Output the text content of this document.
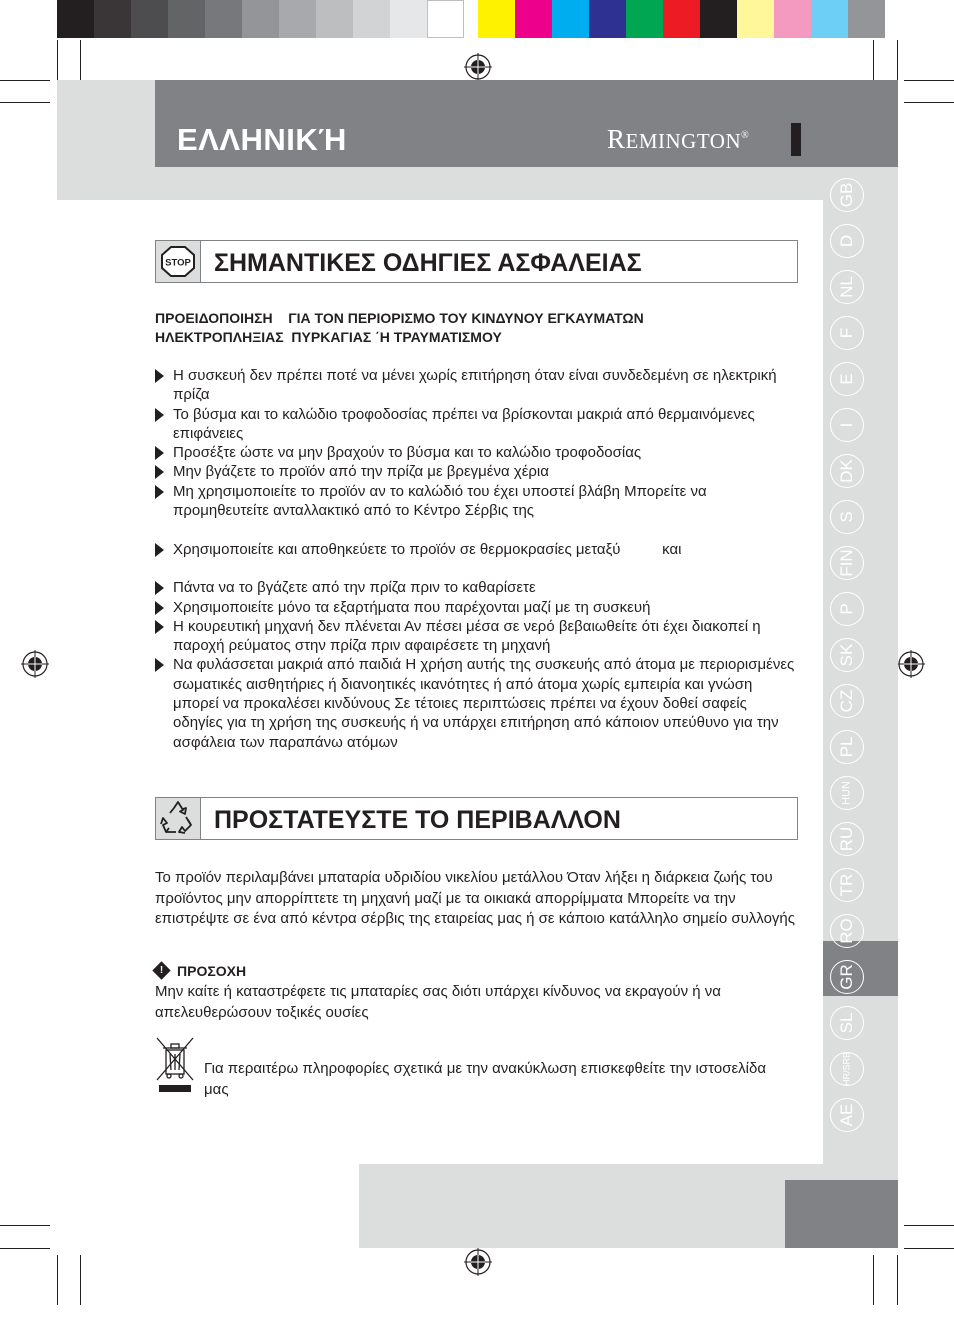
ΕΛΛΗΝΙΚΉ	REMINGTON®
GB
D
NL
F
E
I
DK
S
FIN
P
SK
CZ
PL
HUN
RU
TR
RO
GR
SL
HR/SRB
AE
STOP ΣΗΜΑΝΤΙΚΕΣ ΟΔΗΓΙΕΣ ΑΣΦΑΛΕΙΑΣ
ΠΡΟΕΙΔΟΠΟΙΗΣΗ    ΓΙΑ ΤΟΝ ΠΕΡΙΟΡΙΣΜΟ ΤΟΥ ΚΙΝΔΥΝΟΥ ΕΓΚΑΥΜΑΤΩΝ
ΗΛΕΚΤΡΟΠΛΗΞΙΑΣ  ΠΥΡΚΑΓΙΑΣ ΄Η ΤΡΑΥΜΑΤΙΣΜΟΥ
Η συσκευή δεν πρέπει ποτέ να μένει χωρίς επιτήρηση όταν είναι συνδεδεμένη σε ηλεκτρική πρίζα
Το βύσμα και το καλώδιο τροφοδοσίας πρέπει να βρίσκονται μακριά από θερμαινόμενες επιφάνειες
Προσέξτε ώστε να μην βραχούν το βύσμα και το καλώδιο τροφοδοσίας
Μην βγάζετε το προϊόν από την πρίζα με βρεγμένα χέρια
Μη χρησιμοποιείτε το προϊόν αν το καλώδιό του έχει υποστεί βλάβη Μπορείτε να προμηθευτείτε ανταλλακτικό από το Κέντρο Σέρβις της
Χρησιμοποιείτε και αποθηκεύετε το προϊόν σε θερμοκρασίες μεταξύ          και
Πάντα να το βγάζετε από την πρίζα πριν το καθαρίσετε
Χρησιμοποιείτε μόνο τα εξαρτήματα που παρέχονται μαζί με τη συσκευή
Η κουρευτική μηχανή δεν πλένεται Αν πέσει μέσα σε νερό βεβαιωθείτε ότι έχει διακοπεί η παροχή ρεύματος στην πρίζα πριν αφαιρέσετε τη μηχανή
Να φυλάσσεται μακριά από παιδιά Η χρήση αυτής της συσκευής από άτομα με περιορισμένες σωματικές αισθητήριες ή διανοητικές ικανότητες ή από άτομα χωρίς εμπειρία και γνώση μπορεί να προκαλέσει κινδύνους Σε τέτοιες περιπτώσεις πρέπει να έχουν δοθεί σαφείς οδηγίες για τη χρήση της συσκευής ή να υπάρχει επιτήρηση από κάποιον υπεύθυνο για την ασφάλεια των παραπάνω ατόμων
ΠΡΟΣΤΑΤΕΥΣΤΕ ΤΟ ΠΕΡΙΒΑΛΛΟΝ
Το προϊόν περιλαμβάνει μπαταρία υδριδίου νικελίου μετάλλου Όταν λήξει η διάρκεια ζωής του προϊόντος μην απορρίπτετε τη μηχανή μαζί με τα οικιακά απορρίμματα Μπορείτε να την επιστρέψτε σε ένα από κέντρα σέρβις της εταιρείας μας ή σε κάποιο κατάλληλο σημείο συλλογής
! ΠΡΟΣΟΧΗ
Μην καίτε ή καταστρέφετε τις μπαταρίες σας διότι υπάρχει κίνδυνος να εκραγούν ή να απελευθερώσουν τοξικές ουσίες
Για περαιτέρω πληροφορίες σχετικά με την ανακύκλωση επισκεφθείτε την ιστοσελίδα μας
